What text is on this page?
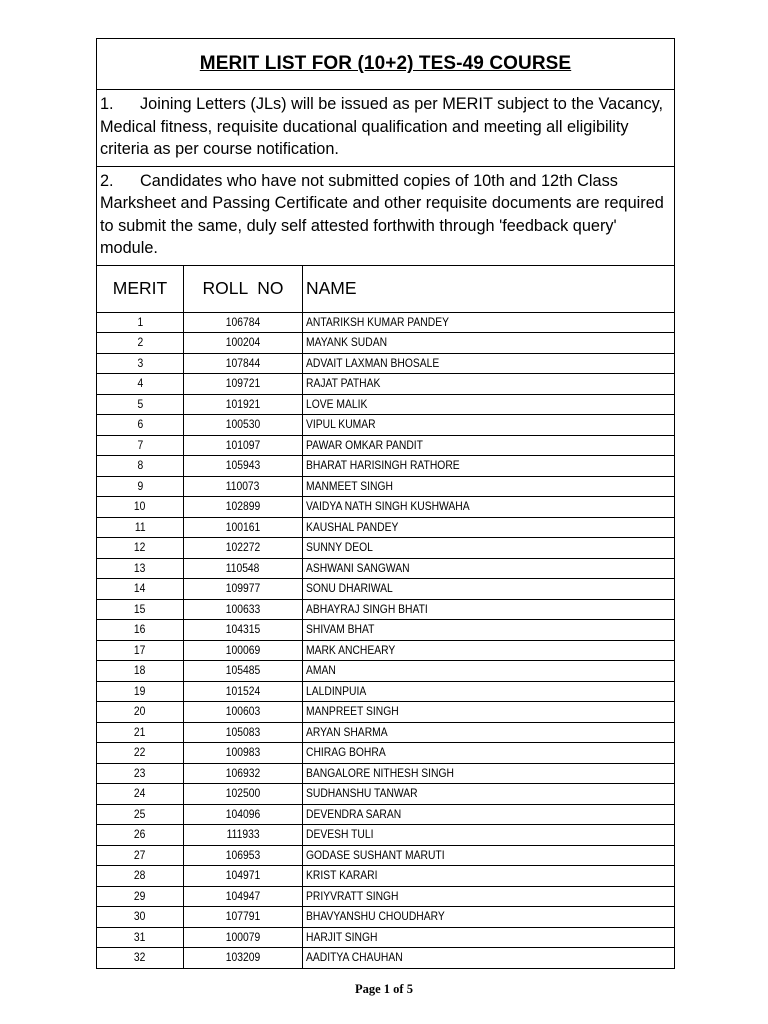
MERIT LIST FOR (10+2) TES-49 COURSE		
1. Joining Letters (JLs) will be issued as per MERIT subject to the Vacancy, Medical fitness, requisite ducational qualification and meeting all eligibility criteria as per course notification.		
2. Candidates who have not submitted copies of 10th and 12th Class Marksheet and Passing Certificate and other requisite documents are required to submit the same, duly self attested forthwith through 'feedback query' module.		
MERIT	ROLL  NO	NAME
1	106784	ANTARIKSH KUMAR PANDEY
2	100204	MAYANK SUDAN
3	107844	ADVAIT LAXMAN BHOSALE
4	109721	RAJAT PATHAK
5	101921	LOVE MALIK
6	100530	VIPUL KUMAR
7	101097	PAWAR OMKAR PANDIT
8	105943	BHARAT HARISINGH RATHORE
9	110073	MANMEET SINGH
10	102899	VAIDYA NATH SINGH KUSHWAHA
11	100161	KAUSHAL PANDEY
12	102272	SUNNY DEOL
13	110548	ASHWANI SANGWAN
14	109977	SONU DHARIWAL
15	100633	ABHAYRAJ SINGH BHATI
16	104315	SHIVAM BHAT
17	100069	MARK ANCHEARY
18	105485	AMAN
19	101524	LALDINPUIA
20	100603	MANPREET SINGH
21	105083	ARYAN SHARMA
22	100983	CHIRAG BOHRA
23	106932	BANGALORE NITHESH SINGH
24	102500	SUDHANSHU TANWAR
25	104096	DEVENDRA SARAN
26	111933	DEVESH TULI
27	106953	GODASE SUSHANT MARUTI
28	104971	KRIST KARARI
29	104947	PRIYVRATT SINGH
30	107791	BHAVYANSHU CHOUDHARY
31	100079	HARJIT SINGH
32	103209	AADITYA CHAUHAN
Page 1 of 5
